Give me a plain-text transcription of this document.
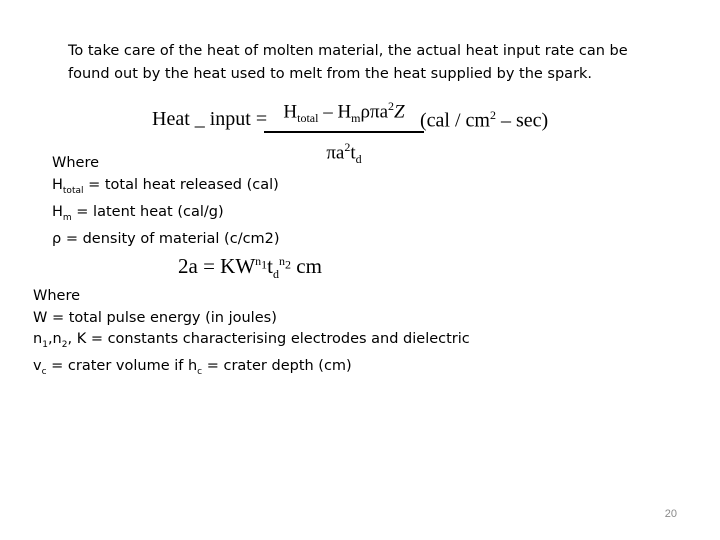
To take care of the heat of molten material, the actual heat input rate can be
found out by the heat used to melt from the heat supplied by the spark.
Heat _ input = $H_{total} - H_m\rho\pi a^2Z$
$\pi a^2t_d$
$(cal / cm^2 - \sec)$
Where
$H_{total}$ = total heat released (cal)
$H_m$ = latent heat (cal/g)
ρ = density of material (c/cm2)
$2a = KW^{n_1}t_d^{n_2}$ cm
Where
W = total pulse energy (in joules)
$n_1,n_2$, K = constants characterising electrodes and dielectric
$v_c$ = crater volume if $h_c$ = crater depth (cm)
20
